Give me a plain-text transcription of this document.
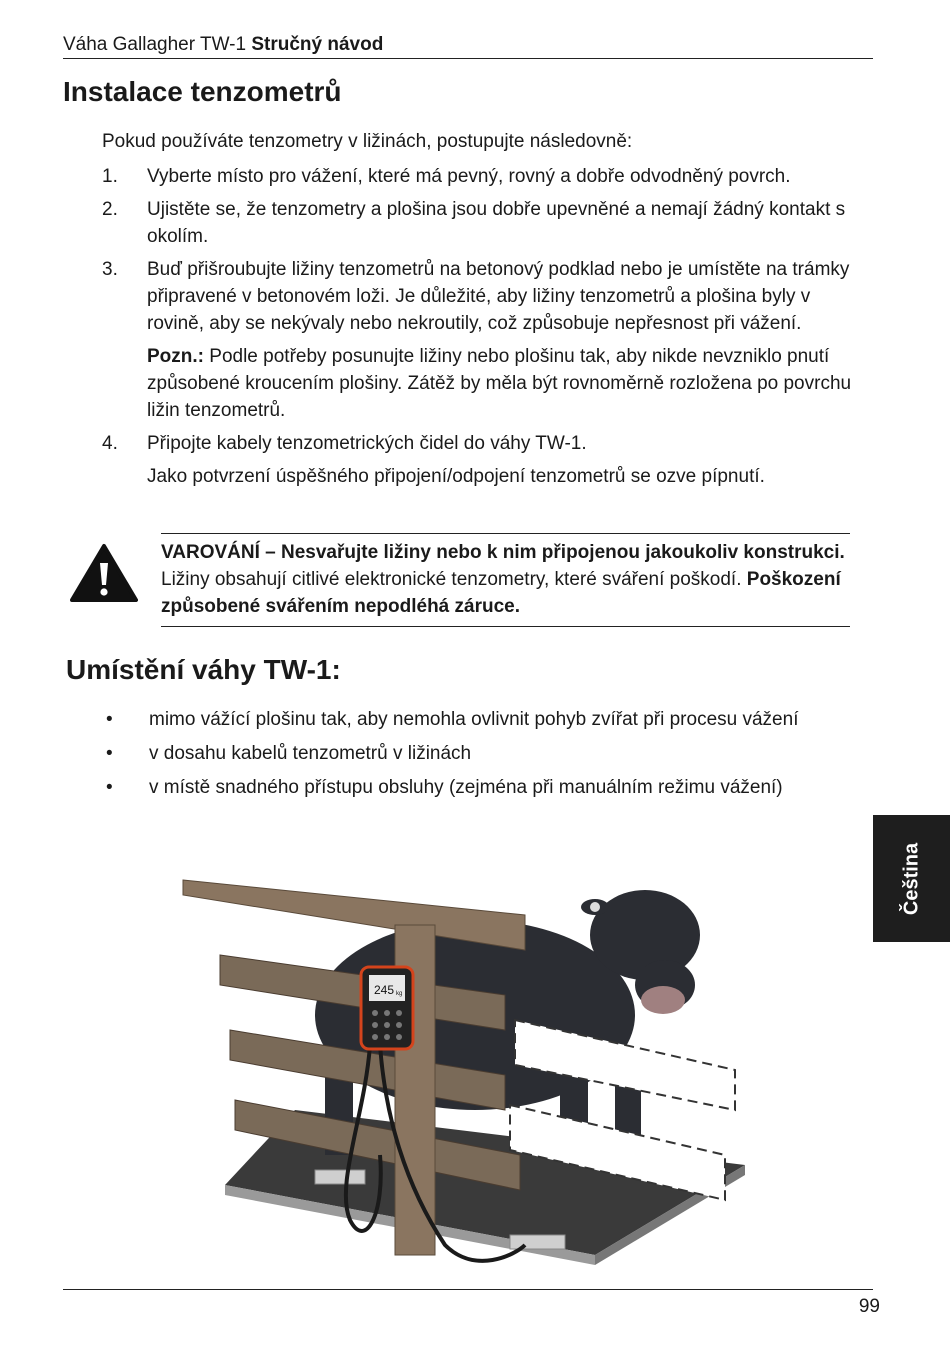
Váha Gallagher TW-1 Stručný návod
Instalace tenzometrů
Pokud používáte tenzometry v ližinách, postupujte následovně:
1. Vyberte místo pro vážení, které má pevný, rovný a dobře odvodněný povrch.
2. Ujistěte se, že tenzometry a plošina jsou dobře upevněné a nemají žádný kontakt s okolím.
3. Buď přišroubujte ližiny tenzometrů na betonový podklad nebo je umístěte na trámky připravené v betonovém loži. Je důležité, aby ližiny tenzometrů a plošina byly v rovině, aby se nekývaly nebo nekroutily, což způsobuje nepřesnost při vážení.
Pozn.: Podle potřeby posunujte ližiny nebo plošinu tak, aby nikde nevzniklo pnutí způsobené kroucením plošiny. Zátěž by měla být rovnoměrně rozložena po povrchu ližin tenzometrů.
4. Připojte kabely tenzometrických čidel do váhy TW-1.
Jako potvrzení úspěšného připojení/odpojení tenzometrů se ozve pípnutí.
VAROVÁNÍ – Nesvařujte ližiny nebo k nim připojenou jakoukoliv konstrukci. Ližiny obsahují citlivé elektronické tenzometry, které sváření poškodí. Poškození způsobené svářením nepodléhá záruce.
Umístění váhy TW-1:
• mimo vážící plošinu tak, aby nemohla ovlivnit pohyb zvířat při procesu vážení
• v dosahu kabelů tenzometrů v ližinách
• v místě snadného přístupu obsluhy (zejména při manuálním režimu vážení)
Čeština
245 kg
99
